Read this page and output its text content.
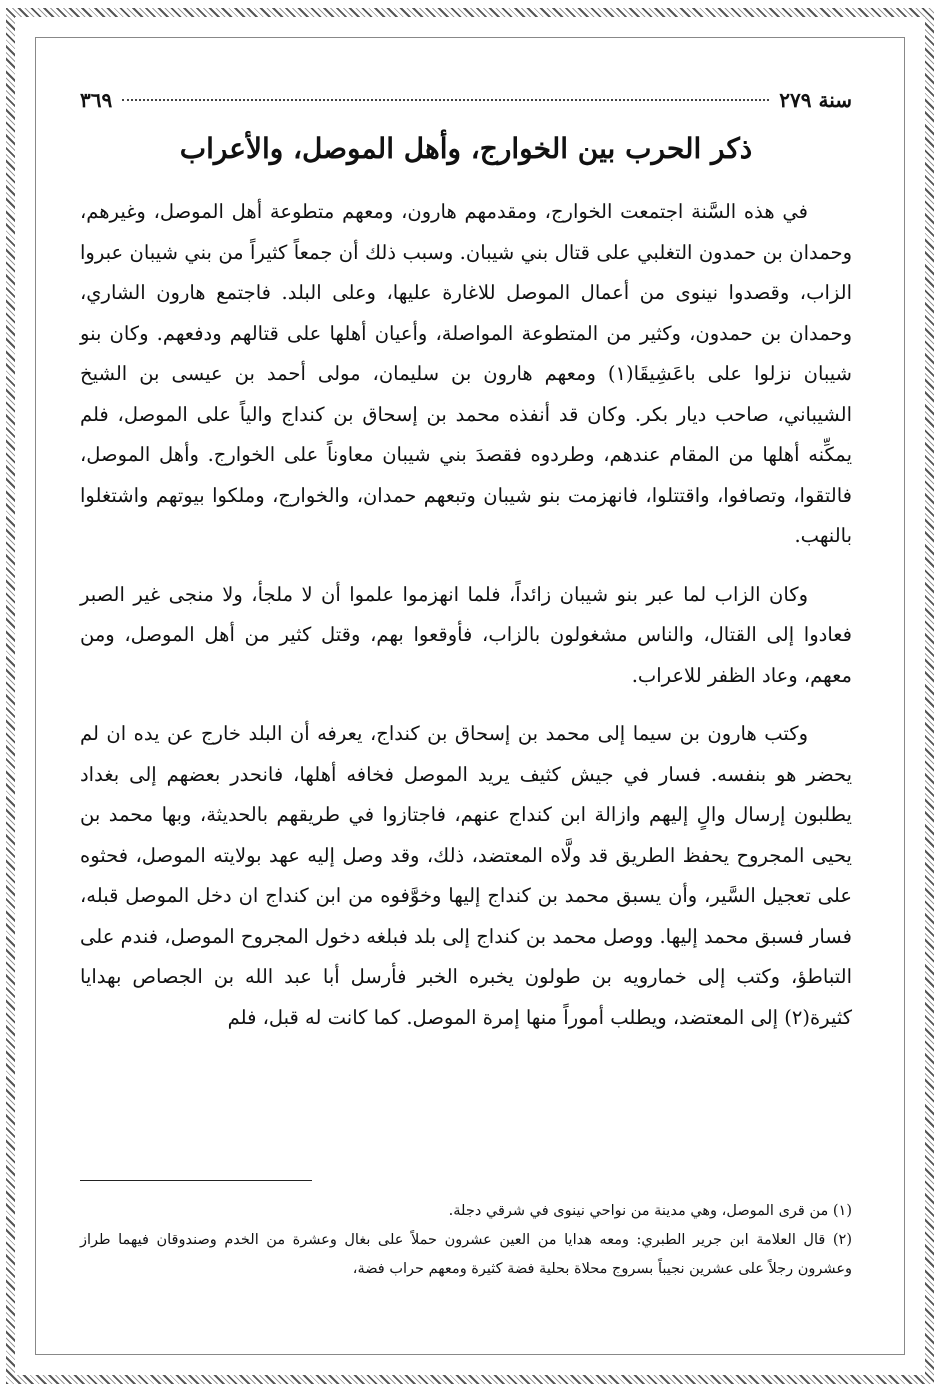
سنة ٢٧٩
٣٦٩
ذكر الحرب بين الخوارج، وأهل الموصل، والأعراب

في هذه السَّنة اجتمعت الخوارج، ومقدمهم هارون، ومعهم متطوعة أهل الموصل، وغيرهم، وحمدان بن حمدون التغلبي على قتال بني شيبان. وسبب ذلك أن جمعاً كثيراً من بني شيبان عبروا الزاب، وقصدوا نينوى من أعمال الموصل للاغارة عليها، وعلى البلد. فاجتمع هارون الشاري، وحمدان بن حمدون، وكثير من المتطوعة المواصلة، وأعيان أهلها على قتالهم ودفعهم. وكان بنو شيبان نزلوا على باعَشِيقَا(١) ومعهم هارون بن سليمان، مولى أحمد بن عيسى بن الشيخ الشيباني، صاحب ديار بكر. وكان قد أنفذه محمد بن إسحاق بن كنداج والياً على الموصل، فلم يمكِّنه أهلها من المقام عندهم، وطردوه فقصدَ بني شيبان معاوناً على الخوارج. وأهل الموصل، فالتقوا، وتصافوا، واقتتلوا، فانهزمت بنو شيبان وتبعهم حمدان، والخوارج، وملكوا بيوتهم واشتغلوا بالنهب.

وكان الزاب لما عبر بنو شيبان زائداً، فلما انهزموا علموا أن لا ملجأ، ولا منجى غير الصبر فعادوا إلى القتال، والناس مشغولون بالزاب، فأوقعوا بهم، وقتل كثير من أهل الموصل، ومن معهم، وعاد الظفر للاعراب.

وكتب هارون بن سيما إلى محمد بن إسحاق بن كنداج، يعرفه أن البلد خارج عن يده ان لم يحضر هو بنفسه. فسار في جيش كثيف يريد الموصل فخافه أهلها، فانحدر بعضهم إلى بغداد يطلبون إرسال والٍ إليهم وازالة ابن كنداج عنهم، فاجتازوا في طريقهم بالحديثة، وبها محمد بن يحيى المجروح يحفظ الطريق قد ولَّاه المعتضد، ذلك، وقد وصل إليه عهد بولايته الموصل، فحثوه على تعجيل السَّير، وأن يسبق محمد بن كنداج إليها وخوَّفوه من ابن كنداج ان دخل الموصل قبله، فسار فسبق محمد إليها. ووصل محمد بن كنداج إلى بلد فبلغه دخول المجروح الموصل، فندم على التباطؤ، وكتب إلى خمارويه بن طولون يخبره الخبر فأرسل أبا عبد الله بن الجصاص بهدايا كثيرة(٢) إلى المعتضد، ويطلب أموراً منها إمرة الموصل. كما كانت له قبل، فلم

(١) من قرى الموصل، وهي مدينة من نواحي نينوى في شرقي دجلة.

(٢) قال العلامة ابن جرير الطبري: ومعه هدايا من العين عشرون حملاً على بغال وعشرة من الخدم وصندوقان فيهما طراز وعشرون رجلاً على عشرين نجيباً بسروج محلاة بحلية فضة كثيرة ومعهم حراب فضة،
